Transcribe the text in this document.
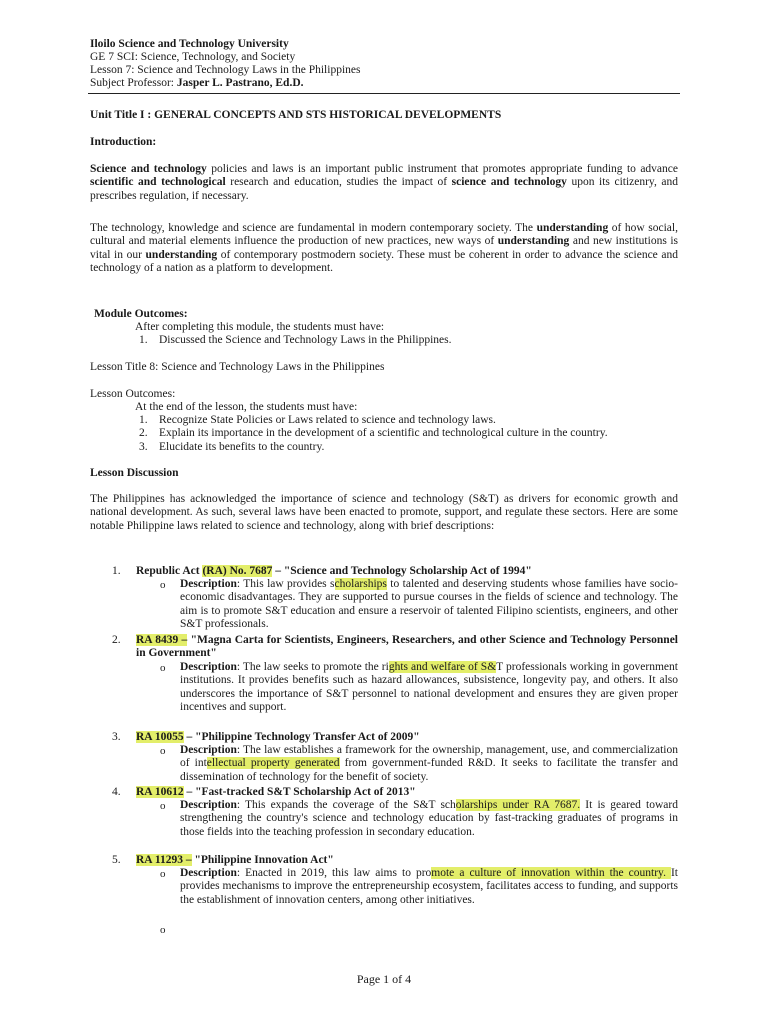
Iloilo Science and Technology University
GE 7 SCI: Science, Technology, and Society
Lesson 7: Science and Technology Laws in the Philippines
Subject Professor: Jasper L. Pastrano, Ed.D.
Unit Title I : GENERAL CONCEPTS AND STS HISTORICAL DEVELOPMENTS
Introduction:
Science and technology policies and laws is an important public instrument that promotes appropriate funding to advance scientific and technological research and education, studies the impact of science and technology upon its citizenry, and prescribes regulation, if necessary.
The technology, knowledge and science are fundamental in modern contemporary society. The understanding of how social, cultural and material elements influence the production of new practices, new ways of understanding and new institutions is vital in our understanding of contemporary postmodern society. These must be coherent in order to advance the science and technology of a nation as a platform to development.
Module Outcomes:
After completing this module, the students must have:
1. Discussed the Science and Technology Laws in the Philippines.
Lesson Title 8: Science and Technology Laws in the Philippines
Lesson Outcomes:
At the end of the lesson, the students must have:
1. Recognize State Policies or Laws related to science and technology laws.
2. Explain its importance in the development of a scientific and technological culture in the country.
3. Elucidate its benefits to the country.
Lesson Discussion
The Philippines has acknowledged the importance of science and technology (S&T) as drivers for economic growth and national development. As such, several laws have been enacted to promote, support, and regulate these sectors. Here are some notable Philippine laws related to science and technology, along with brief descriptions:
1. Republic Act (RA) No. 7687 – "Science and Technology Scholarship Act of 1994"
o Description: This law provides scholarships to talented and deserving students whose families have socio-economic disadvantages. They are supported to pursue courses in the fields of science and technology. The aim is to promote S&T education and ensure a reservoir of talented Filipino scientists, engineers, and other S&T professionals.
2. RA 8439 – "Magna Carta for Scientists, Engineers, Researchers, and other Science and Technology Personnel in Government"
o Description: The law seeks to promote the rights and welfare of S&T professionals working in government institutions. It provides benefits such as hazard allowances, subsistence, longevity pay, and others. It also underscores the importance of S&T personnel to national development and ensures they are given proper incentives and support.
3. RA 10055 – "Philippine Technology Transfer Act of 2009"
o Description: The law establishes a framework for the ownership, management, use, and commercialization of intellectual property generated from government-funded R&D. It seeks to facilitate the transfer and dissemination of technology for the benefit of society.
4. RA 10612 – "Fast-tracked S&T Scholarship Act of 2013"
o Description: This expands the coverage of the S&T scholarships under RA 7687. It is geared toward strengthening the country's science and technology education by fast-tracking graduates of programs in those fields into the teaching profession in secondary education.
5. RA 11293 – "Philippine Innovation Act"
o Description: Enacted in 2019, this law aims to promote a culture of innovation within the country. It provides mechanisms to improve the entrepreneurship ecosystem, facilitates access to funding, and supports the establishment of innovation centers, among other initiatives.
o
Page 1 of 4
